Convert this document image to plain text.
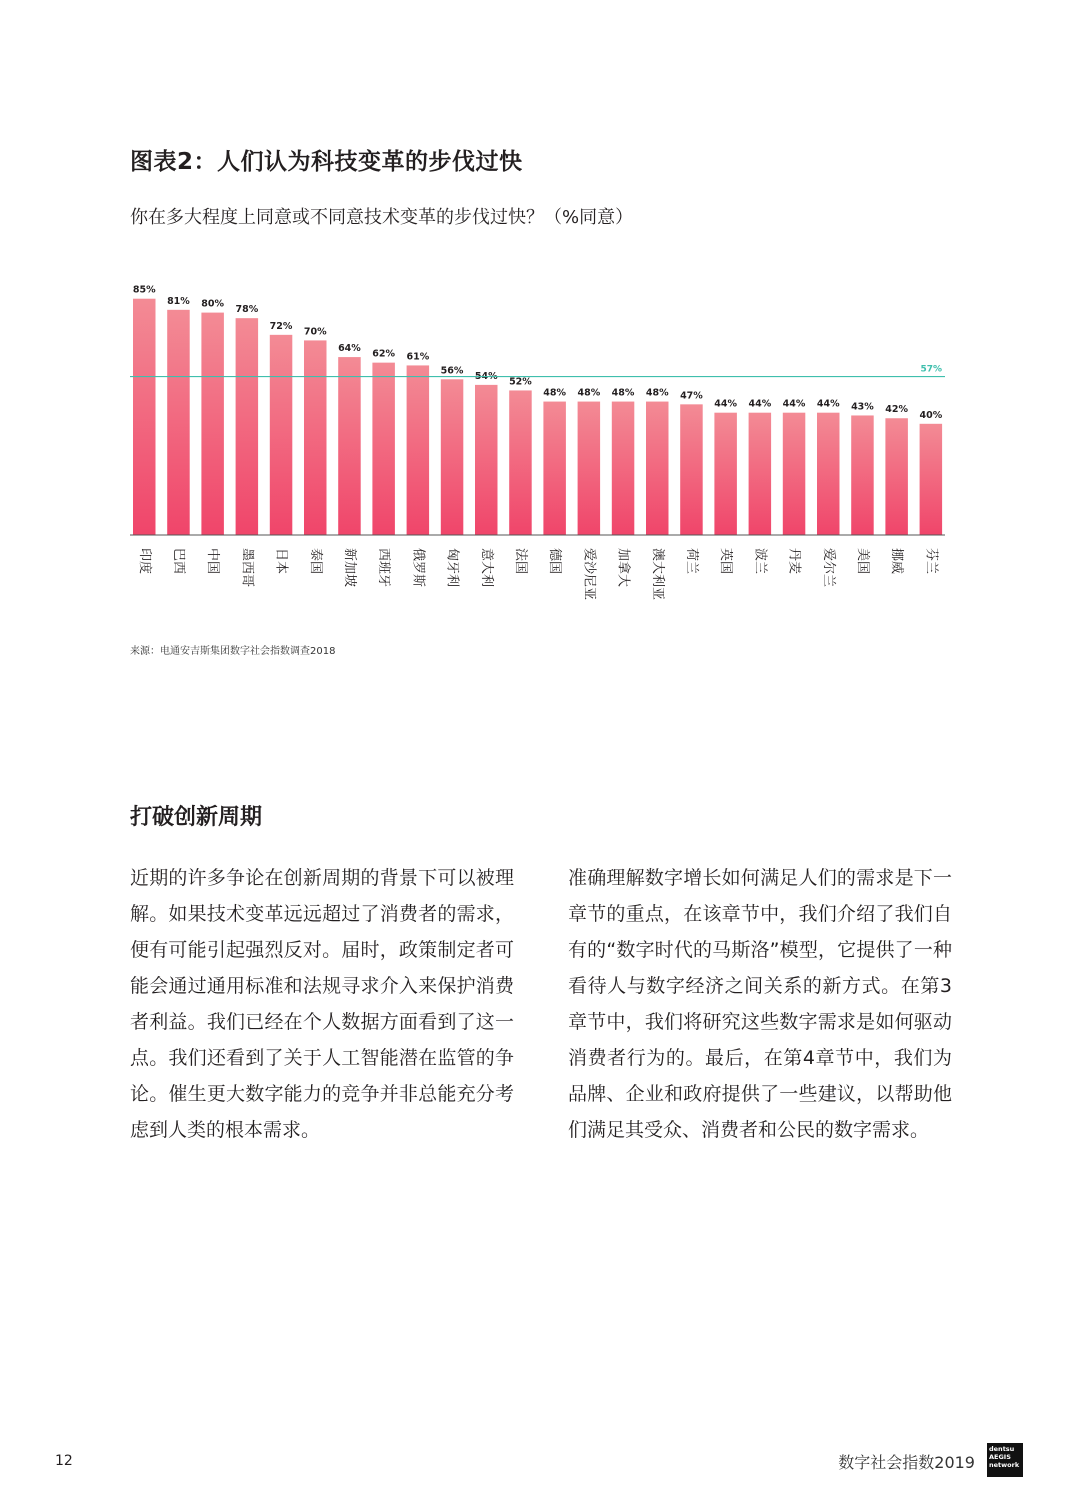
图表2：人们认为科技变革的步伐过快

你在多大程度上同意或不同意技术变革的步伐过快？（%同意）

85%
印度
81%
巴西
80%
中国
78%
墨西哥
72%
日本
70%
泰国
64%
新加坡
62%
西班牙
61%
俄罗斯
56%
匈牙利
54%
意大利
52%
法国
48%
德国
48%
爱沙尼亚
48%
加拿大
48%
澳大利亚
47%
荷兰
44%
英国
44%
波兰
44%
丹麦
44%
爱尔兰
43%
美国
42%
挪威
40%
芬兰
57%

来源：电通安吉斯集团数字社会指数调查2018

打破创新周期

近期的许多争论在创新周期的背景下可以被理解。如果技术变革远远超过了消费者的需求，便有可能引起强烈反对。届时，政策制定者可能会通过通用标准和法规寻求介入来保护消费者利益。我们已经在个人数据方面看到了这一点。我们还看到了关于人工智能潜在监管的争论。催生更大数字能力的竞争并非总能充分考虑到人类的根本需求。

准确理解数字增长如何满足人们的需求是下一章节的重点，在该章节中，我们介绍了我们自有的“数字时代的马斯洛”模型，它提供了一种看待人与数字经济之间关系的新方式。在第3章节中，我们将研究这些数字需求是如何驱动消费者行为的。最后，在第4章节中，我们为品牌、企业和政府提供了一些建议，以帮助他们满足其受众、消费者和公民的数字需求。

12	数字社会指数2019
dentsu
AEGIS
network
